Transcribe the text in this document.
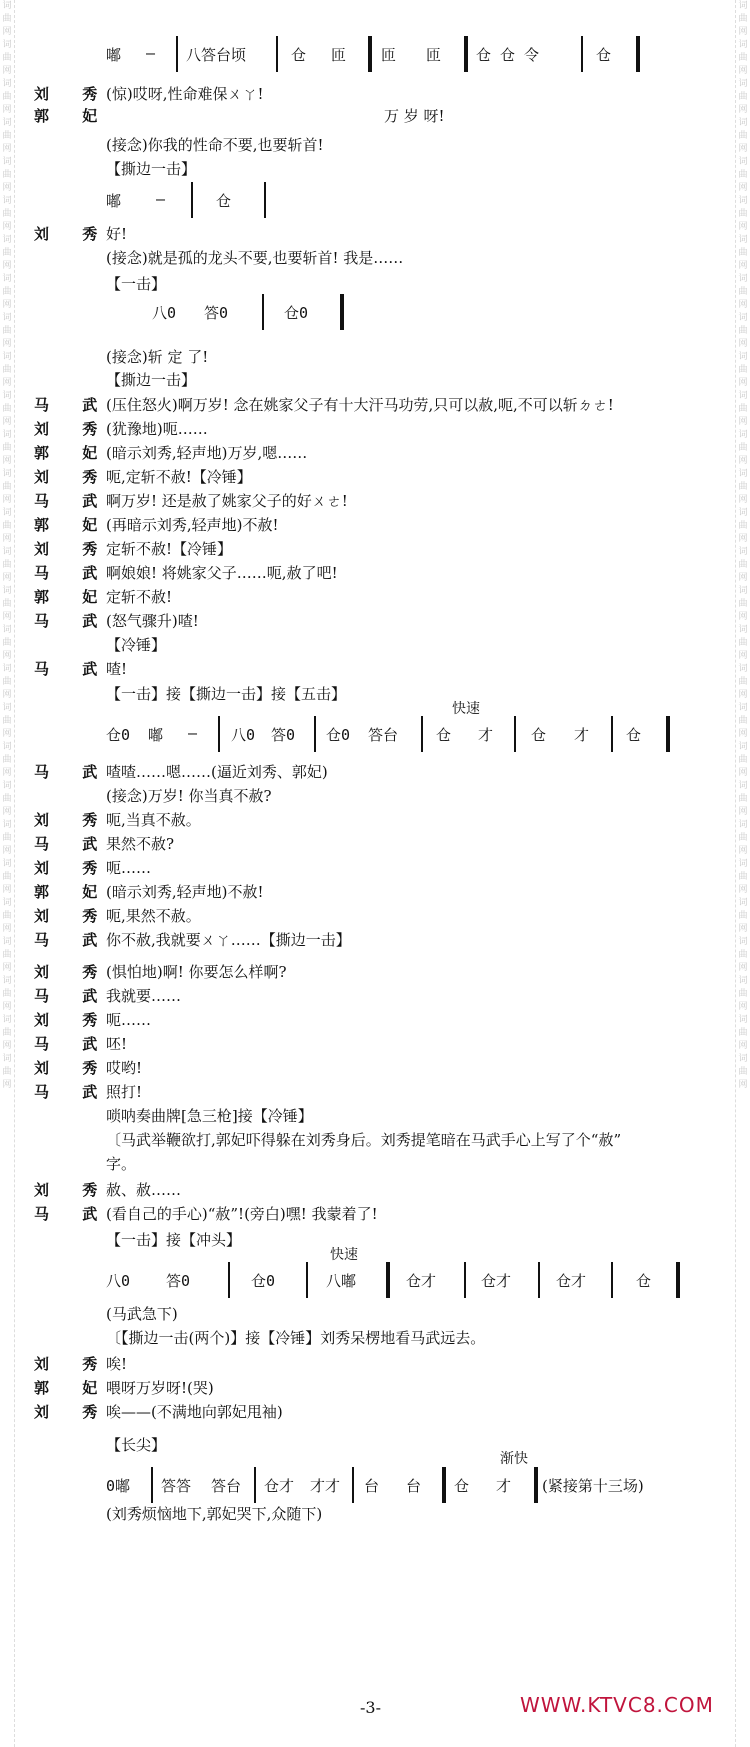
词曲网词曲网词曲网词曲网词曲网词曲网词曲网词曲网词曲网词曲网词曲网词曲网词曲网词曲网词曲网词曲网词曲网词曲网词曲网词曲网词曲网词曲网词曲网词曲网词曲网词曲网词曲网词曲网
词曲网词曲网词曲网词曲网词曲网词曲网词曲网词曲网词曲网词曲网词曲网词曲网词曲网词曲网词曲网词曲网词曲网词曲网词曲网词曲网词曲网词曲网词曲网词曲网词曲网词曲网词曲网词曲网
嘟 – 八答台顷	仓 匝 匝 匝 仓 仓 令	仓
刘 秀
(惊)哎呀,性命难保ㄨㄚ!
郭 妃	万 岁 呀!
(接念)你我的性命不要,也要斩首!
【撕边一击】
嘟 –	仓
刘 秀
好!
(接念)就是孤的龙头不要,也要斩首! 我是……
【一击】
八0 答0	仓0
(接念)斩 定 了!
【撕边一击】
马 武
(压住怒火)啊万岁! 念在姚家父子有十大汗马功劳,只可以赦,呃,不可以斩ㄉㄜ!
刘 秀
(犹豫地)呃……
郭 妃
(暗示刘秀,轻声地)万岁,嗯……
刘 秀
呃,定斩不赦!【冷锤】
马 武
啊万岁! 还是赦了姚家父子的好ㄨㄜ!
郭 妃
(再暗示刘秀,轻声地)不赦!
刘 秀
定斩不赦!【冷锤】
马 武
啊娘娘! 将姚家父子……呃,赦了吧!
郭 妃
定斩不赦!
马 武
(怒气骤升)喳!
【冷锤】
马 武
喳!
【一击】接【撕边一击】接【五击】
快速
仓0 嘟 – 八0 答0 仓0 答台	仓 才	仓 才 仓
马 武
喳喳……嗯……(逼近刘秀、郭妃)
(接念)万岁! 你当真不赦?
刘 秀
呃,当真不赦。
马 武
果然不赦?
刘 秀
呃……
郭 妃
(暗示刘秀,轻声地)不赦!
刘 秀
呃,果然不赦。
马 武
你不赦,我就要ㄨㄚ……【撕边一击】
刘 秀
(惧怕地)啊! 你要怎么样啊?
马 武
我就要……
刘 秀
呃……
马 武
呸!
刘 秀
哎哟!
马 武
照打!
唢呐奏曲牌[急三枪]接【冷锤】
〔马武举鞭欲打,郭妃吓得躲在刘秀身后。刘秀提笔暗在马武手心上写了个“赦”
字。
刘 秀
赦、赦……
马 武
(看自己的手心)“赦”!(旁白)嘿! 我蒙着了!
【一击】接【冲头】
快速
八0 答0	仓0	八嘟	仓才	仓才	仓才	仓
(马武急下)
〔【撕边一击(两个)】接【冷锤】刘秀呆楞地看马武远去。
刘 秀
唉!
郭 妃
喂呀万岁呀!(哭)
刘 秀
唉——(不满地向郭妃甩袖)
【长尖】
渐快
0嘟 答答 答台 仓才 才才 台 台 仓 才 (紧接第十三场)
(刘秀烦恼地下,郭妃哭下,众随下)
-3-	WWW.KTVC8.COM
